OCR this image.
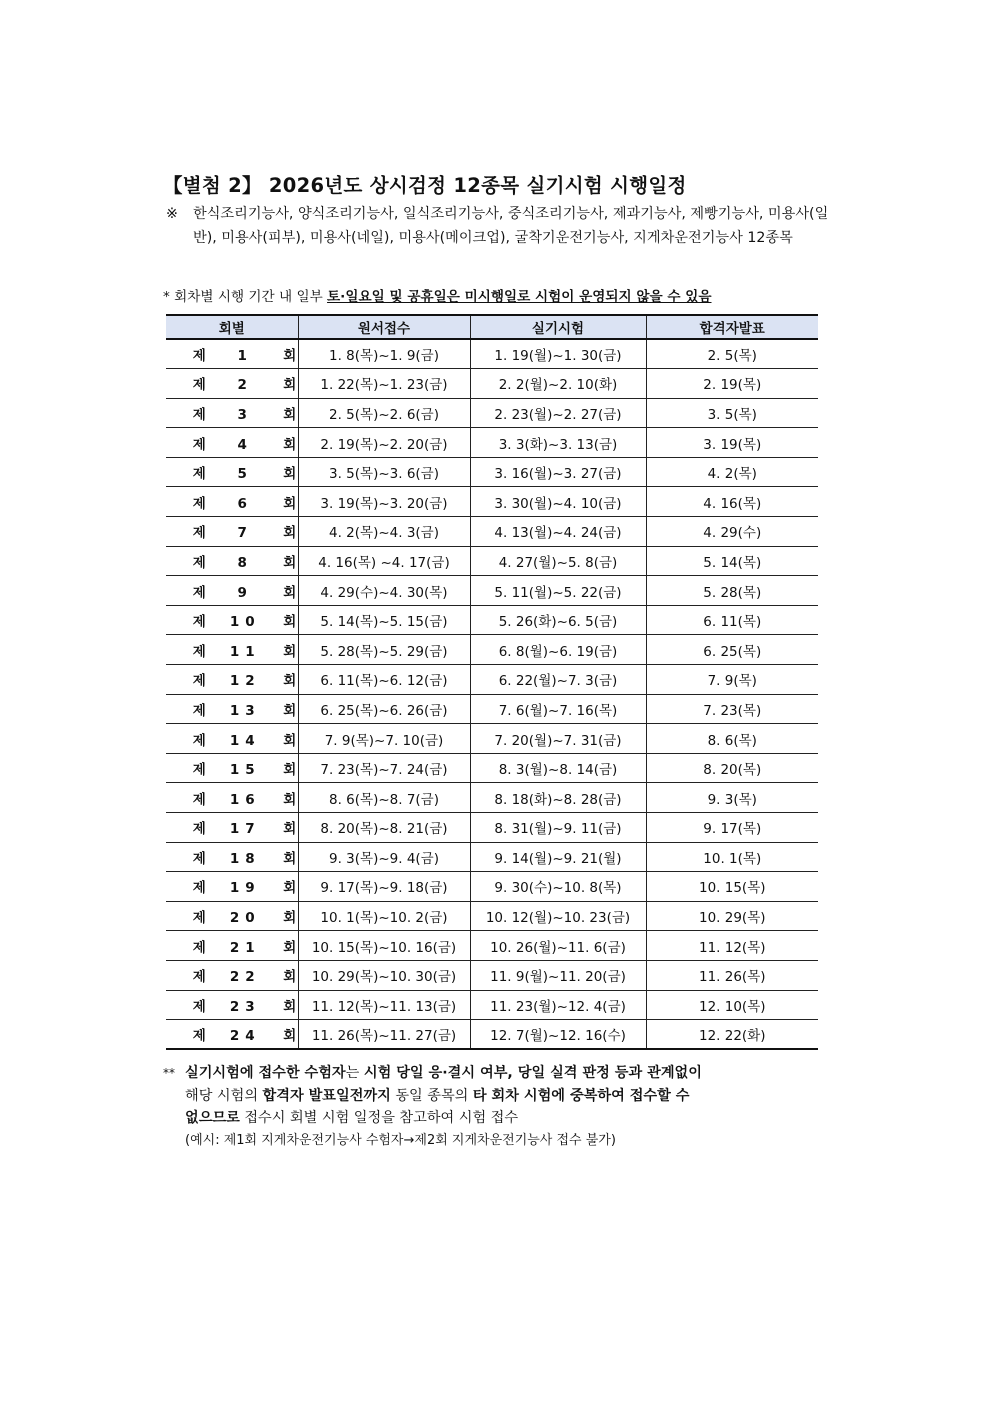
【별첨 2】 2026년도 상시검정 12종목 실기시험 시행일정
※	한식조리기능사, 양식조리기능사, 일식조리기능사, 중식조리기능사, 제과기능사, 제빵기능사, 미용사(일반), 미용사(피부), 미용사(네일), 미용사(메이크업), 굴착기운전기능사, 지게차운전기능사 12종목
* 회차별 시행 기간 내 일부 토·일요일 및 공휴일은 미시행일로 시험이 운영되지 않을 수 있음
회별	원서접수	실기시험	합격자발표
제 1 회	1. 8(목)~1. 9(금)	1. 19(월)~1. 30(금)	2. 5(목)
제 2 회	1. 22(목)~1. 23(금)	2. 2(월)~2. 10(화)	2. 19(목)
제 3 회	2. 5(목)~2. 6(금)	2. 23(월)~2. 27(금)	3. 5(목)
제 4 회	2. 19(목)~2. 20(금)	3. 3(화)~3. 13(금)	3. 19(목)
제 5 회	3. 5(목)~3. 6(금)	3. 16(월)~3. 27(금)	4. 2(목)
제 6 회	3. 19(목)~3. 20(금)	3. 30(월)~4. 10(금)	4. 16(목)
제 7 회	4. 2(목)~4. 3(금)	4. 13(월)~4. 24(금)	4. 29(수)
제 8 회	4. 16(목) ~4. 17(금)	4. 27(월)~5. 8(금)	5. 14(목)
제 9 회	4. 29(수)~4. 30(목)	5. 11(월)~5. 22(금)	5. 28(목)
제 10 회	5. 14(목)~5. 15(금)	5. 26(화)~6. 5(금)	6. 11(목)
제 11 회	5. 28(목)~5. 29(금)	6. 8(월)~6. 19(금)	6. 25(목)
제 12 회	6. 11(목)~6. 12(금)	6. 22(월)~7. 3(금)	7. 9(목)
제 13 회	6. 25(목)~6. 26(금)	7. 6(월)~7. 16(목)	7. 23(목)
제 14 회	7. 9(목)~7. 10(금)	7. 20(월)~7. 31(금)	8. 6(목)
제 15 회	7. 23(목)~7. 24(금)	8. 3(월)~8. 14(금)	8. 20(목)
제 16 회	8. 6(목)~8. 7(금)	8. 18(화)~8. 28(금)	9. 3(목)
제 17 회	8. 20(목)~8. 21(금)	8. 31(월)~9. 11(금)	9. 17(목)
제 18 회	9. 3(목)~9. 4(금)	9. 14(월)~9. 21(월)	10. 1(목)
제 19 회	9. 17(목)~9. 18(금)	9. 30(수)~10. 8(목)	10. 15(목)
제 20 회	10. 1(목)~10. 2(금)	10. 12(월)~10. 23(금)	10. 29(목)
제 21 회	10. 15(목)~10. 16(금)	10. 26(월)~11. 6(금)	11. 12(목)
제 22 회	10. 29(목)~10. 30(금)	11. 9(월)~11. 20(금)	11. 26(목)
제 23 회	11. 12(목)~11. 13(금)	11. 23(월)~12. 4(금)	12. 10(목)
제 24 회	11. 26(목)~11. 27(금)	12. 7(월)~12. 16(수)	12. 22(화)
** 실기시험에 접수한 수험자는 시험 당일 응·결시 여부, 당일 실격 판정 등과 관계없이
해당 시험의 합격자 발표일전까지 동일 종목의 타 회차 시험에 중복하여 접수할 수
없으므로 접수시 회별 시험 일정을 참고하여 시험 접수
(예시: 제1회 지게차운전기능사 수험자→제2회 지게차운전기능사 접수 불가)
